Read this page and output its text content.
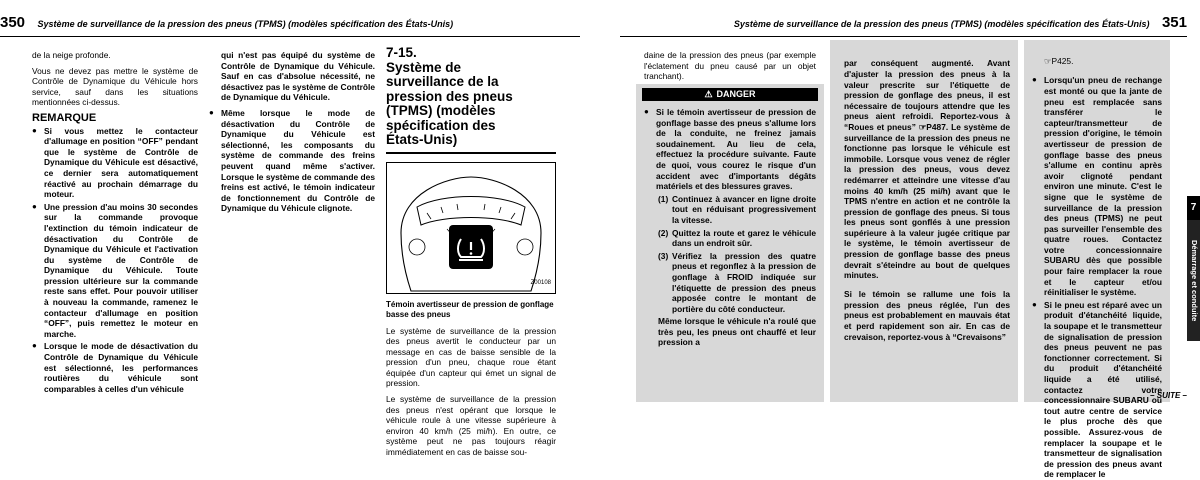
350 Système de surveillance de la pression des pneus (TPMS) (modèles spécification des États-Unis)

de la neige profonde.

Vous ne devez pas mettre le système de Contrôle de Dynamique du Véhicule hors service, sauf dans les situations mentionnées ci-dessus.

REMARQUE
● Si vous mettez le contacteur d'allumage en position “OFF” pendant que le système de Contrôle de Dynamique du Véhicule est désactivé, ce dernier sera automatiquement réactivé au prochain démarrage du moteur.
● Une pression d'au moins 30 secondes sur la commande provoque l'extinction du témoin indicateur de désactivation du Contrôle de Dynamique du Véhicule et l'activation du système de Contrôle de Dynamique du Véhicule. Toute pression ultérieure sur la commande reste sans effet. Pour pouvoir utiliser à nouveau la commande, ramenez le contacteur d'allumage en position “OFF”, puis remettez le moteur en marche.
● Lorsque le mode de désactivation du Contrôle de Dynamique du Véhicule est sélectionné, les performances routières du véhicule sont comparables à celles d'un véhicule

qui n'est pas équipé du système de Contrôle de Dynamique du Véhicule. Sauf en cas d'absolue nécessité, ne désactivez pas le système de Contrôle de Dynamique du Véhicule.

● Même lorsque le mode de désactivation du Contrôle de Dynamique du Véhicule est sélectionné, les composants du système de commande des freins peuvent quand même s'activer. Lorsque le système de commande des freins est activé, le témoin indicateur de fonctionnement du Contrôle de Dynamique du Véhicule clignote.
7-15.Système de surveillance de la pression des pneus (TPMS) (modèles spécification des États-Unis)
Z00108
Témoin avertisseur de pression de gonflage basse des pneus

Le système de surveillance de la pression des pneus avertit le conducteur par un message en cas de baisse sensible de la pression d'un pneu, chaque roue étant équipée d'un capteur qui émet un signal de pression.

Le système de surveillance de la pression des pneus n'est opérant que lorsque le véhicule roule à une vitesse supérieure à environ 40 km/h (25 mi/h). En outre, ce système peut ne pas toujours réagir immédiatement en cas de baisse sou-

Système de surveillance de la pression des pneus (TPMS) (modèles spécification des États-Unis) 351

daine de la pression des pneus (par exemple l'éclatement du pneu causé par un objet tranchant).

⚠ DANGER
● Si le témoin avertisseur de pression de gonflage basse des pneus s'allume lors de la conduite, ne freinez jamais soudainement. Au lieu de cela, effectuez la procédure suivante. Faute de quoi, vous courez le risque d'un accident avec d'importants dégâts matériels et des blessures graves.
(1) Continuez à avancer en ligne droite tout en réduisant progressivement la vitesse.
(2) Quittez la route et garez le véhicule dans un endroit sûr.
(3) Vérifiez la pression des quatre pneus et regonflez à la pression de gonflage à FROID indiquée sur l'étiquette de pression des pneus apposée contre le montant de portière du côté conducteur.

Même lorsque le véhicule n'a roulé que très peu, les pneus ont chauffé et leur pression a

par conséquent augmenté. Avant d'ajuster la pression des pneus à la valeur prescrite sur l'étiquette de pression de gonflage des pneus, il est nécessaire de toujours attendre que les pneus aient refroidi. Reportez-vous à “Roues et pneus” ☞P487. Le système de surveillance de la pression des pneus ne fonctionne pas lorsque le véhicule est immobile. Lorsque vous venez de régler la pression des pneus, vous devez redémarrer et atteindre une vitesse d'au moins 40 km/h (25 mi/h) avant que le TPMS n'entre en action et ne contrôle la pression de gonflage des pneus. Si tous les pneus sont gonflés à une pression supérieure à la valeur jugée critique par le système, le témoin avertisseur de pression de gonflage basse des pneus devrait s'éteindre au bout de quelques minutes.

Si le témoin se rallume une fois la pression des pneus réglée, l'un des pneus est probablement en mauvais état et perd rapidement son air. En cas de crevaison, reportez-vous à “Crevaisons”

☞P425.

● Lorsqu'un pneu de rechange est monté ou que la jante de pneu est remplacée sans transférer le capteur/transmetteur de pression d'origine, le témoin avertisseur de pression de gonflage basse des pneus s'allume en continu après avoir clignoté pendant environ une minute. C'est le signe que le système de surveillance de la pression des pneus (TPMS) ne peut pas surveiller l'ensemble des quatre roues. Contactez votre concessionnaire SUBARU dès que possible pour faire remplacer la roue et le capteur et/ou réinitialiser le système.
● Si le pneu est réparé avec un produit d'étanchéité liquide, la soupape et le transmetteur de signalisation de pression des pneus peuvent ne pas fonctionner correctement. Si du produit d'étanchéité liquide a été utilisé, contactez votre concessionnaire SUBARU ou tout autre centre de service le plus proche dès que possible. Assurez-vous de remplacer la soupape et le transmetteur de signalisation de pression des pneus avant de remplacer le
7
Démarrage et conduite
– SUITE –
